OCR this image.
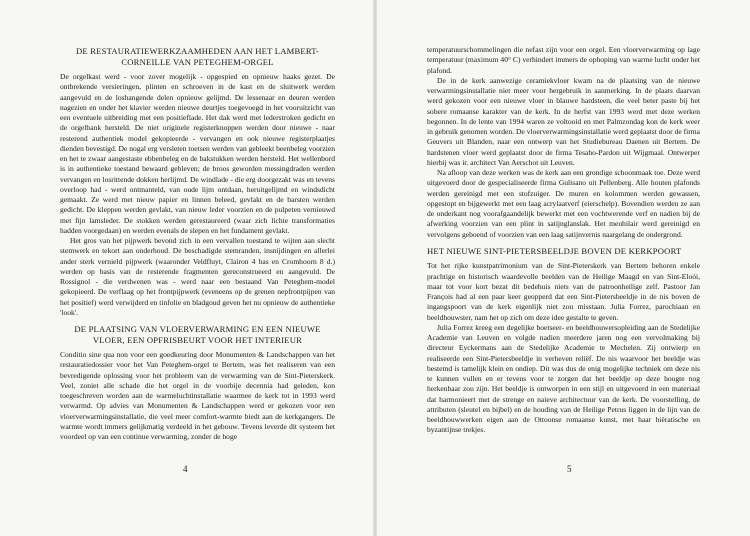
DE RESTAURATIEWERKZAAMHEDEN AAN HET LAMBERT-CORNEILLE VAN PETEGHEM-ORGEL

De orgelkast werd - voor zover mogelijk - opgespied en opnieuw haaks gezet. De ontbrekende versieringen, plinten en schroeven in de kast en de sluitwerk werden aangevuld en de loshangende delen opnieuw gelijmd. De lessenaar en deuren werden nagezien en onder het klavier werden nieuwe deurtjes toegevoegd in het vooruitzicht van een eventuele uitbreiding met een positieflade. Het dak werd met lederstroken gedicht en de orgelbank hersteld. De niet originele registerknoppen werden door nieuwe - naar resterend authentiek model gekopieerde - vervangen en ook nieuwe registerplaatjes dienden bevestigd. De nogal erg versleten toetsen werden van gebleekt beenbeleg voorzien en het te zwaar aangestaste ebbenbeleg en de bakstukken werden hersteld. Het wellenbord is in authentieke toestand bewaard gebleven; de broos geworden messingdraden werden vervangen en losrittende dokken herlijmd. De windlade - die erg doorgezakt was en tevens overloop had - werd ontmanteld, van oude lijm ontdaan, heruitgelijmd en windsdicht gemaakt. Ze werd met nieuw papier en linnen beleed, gevlakt en de barsten werden gedicht. De kleppen werden gevlakt, van nieuw leder voorzien en de pulpeten vernieuwd met fijn lamsleder. De stokken werden gerestaureerd (waar zich lichte transformaties hadden voorgedaan) en werden evenals de slepen en het fundament gevlakt.

Het gros van het pijpwerk bevond zich in een vervallen toestand te wijten aan slecht stemwerk en tekort aan onderhoud. De beschadigde stemranden, insnijdingen en allerlei ander sterk vernield pijpwerk (waaronder Veldfluyt, Clairon 4 bas en Cromhoorn 8 d.) werden op basis van de resterende fragmenten gereconstrueerd en aangevuld. De Rossignol - die verdwenen was - werd naar een bestaand Van Peteghem-model gekopieerd. De verflaag op het frontpijpwerk (eveneens op de grenen nepfrontpijpen van het positief) werd verwijderd en tinfolie en bladgoud geven het nu opnieuw de authentieke 'look'.

DE PLAATSING VAN VLOERVERWARMING EN EEN NIEUWE VLOER, EEN OPFRISBEURT VOOR HET INTERIEUR

Conditio sine qua non voor een goedkeuring door Monumenten & Landschappen van het restauratiedossier voor het Van Peteghem-orgel te Bertem, was het realiseren van een bevredigende oplossing voor het probleem van de verwarming van de Sint-Pieterskerk. Veel, zoniet alle schade die het orgel in de voorbije decennia had geleden, kon toegeschreven worden aan de warmeluchtinstallatie waarmee de kerk tot in 1993 werd verwarmd. Op advies van Monumenten & Landschappen werd er gekozen voor een vloerverwarmingsinstallatie, die veel meer comfort-warmte biedt aan de kerkgangers. De warmte wordt immers gelijkmatig verdeeld in het gebouw. Tevens leverde dit systeem het voordeel op van een continue verwarming, zonder de hoge

4

temperatuurschommelingen die nefast zijn voor een orgel. Een vloerverwarming op lage temperatuur (maximum 40° C) verhindert immers de ophoping van warme lucht onder het plafond.

De in de kerk aanwezige ceramiekvloer kwam na de plaatsing van de nieuwe verwarmingsinstallatie niet meer voor hergebruik in aanmerking. In de plaats daarvan werd gekozen voor een nieuwe vloer in blauwe hardsteen, die veel beter paste bij het sobere romaanse karakter van de kerk. In de herfst van 1993 werd met deze werken begonnen. In de lente van 1994 waren ze voltooid en met Palmzondag kon de kerk weer in gebruik genomen worden. De vloerverwarmingsinstallatie werd geplaatst door de firma Geuvers uit Blanden, naar een ontwerp van het Studiebureau Daenen uit Bertem. De hardstenen vloer werd geplaatst door de firma Tesaho-Pardon uit Wijgmaal. Ontwerper hierbij was ir. architect Van Aerschot uit Leuven.

Na afloop van deze werken was de kerk aan een grondige schoonmaak toe. Deze werd uitgevoerd door de gespecialiseerde firma Gulisano uit Pellenberg. Alle houten plafonds werden gereinigd met een stofzuiger. De muren en kolommen werden gewassen, opgestopt en bijgewerkt met een laag acrylaatverf (eierschelp). Bovendien werden ze aan de onderkant nog voorafgaandelijk bewerkt met een vochtwerende verf en nadien bij de afwerking voorzien van een plint in satijnglanslak. Het meubilair werd gereinigd en vervolgens geboend of voorzien van een laag satijnvernis naargelang de ondergrond.

HET NIEUWE SINT-PIETERSBEELDJE BOVEN DE KERKPOORT

Tot het rijke kunstpatrimonium van de Sint-Pieterskerk van Bertem behoren enkele prachtige en historisch waardevolle beelden van de Heilige Maagd en van Sint-Eloói, maar tot voor kort bezat dit bedehuis niets van de patroonheilige zelf. Pastoor Jan François had al een paar keer geopperd dat een Sint-Pietersbeeldje in de nis boven de ingangspoort van de kerk eigenlijk niet zou misstaan. Julia Forrez, parochiaan en beeldhouwster, nam het op zich om deze idee gestalte te geven.

Julia Forrez kreeg een degelijke boetseer- en beeldhouwersopleiding aan de Stedelijke Academie van Leuven en volgde nadien meerdere jaren nog een vervolmaking bij directeur Eyckermans aan de Stedelijke Academie te Mechelen. Zij ontwierp en realiseerde een Sint-Pietersbeeldje in verheven reliëf. De nis waarvoor het beeldje was bestemd is tamelijk klein en ondiep. Dit was dus de enig mogelijke techniek om deze nis te kunnen vullen en er tevens voor te zorgen dat het beeldje op deze hoogte nog herkenbaar zou zijn. Het beeldje is ontworpen in een stijl en uitgevoerd in een materiaal dat harmonieert met de strenge en naieve architectuur van de kerk. De voorstelling, de attributen (sleutel en bijbel) en de houding van de Heilige Petrus liggen in de lijn van de beeldhouwwerken eigen aan de Ottoonse romaanse kunst, met haar hiëratische en byzantijnse trekjes.

5
